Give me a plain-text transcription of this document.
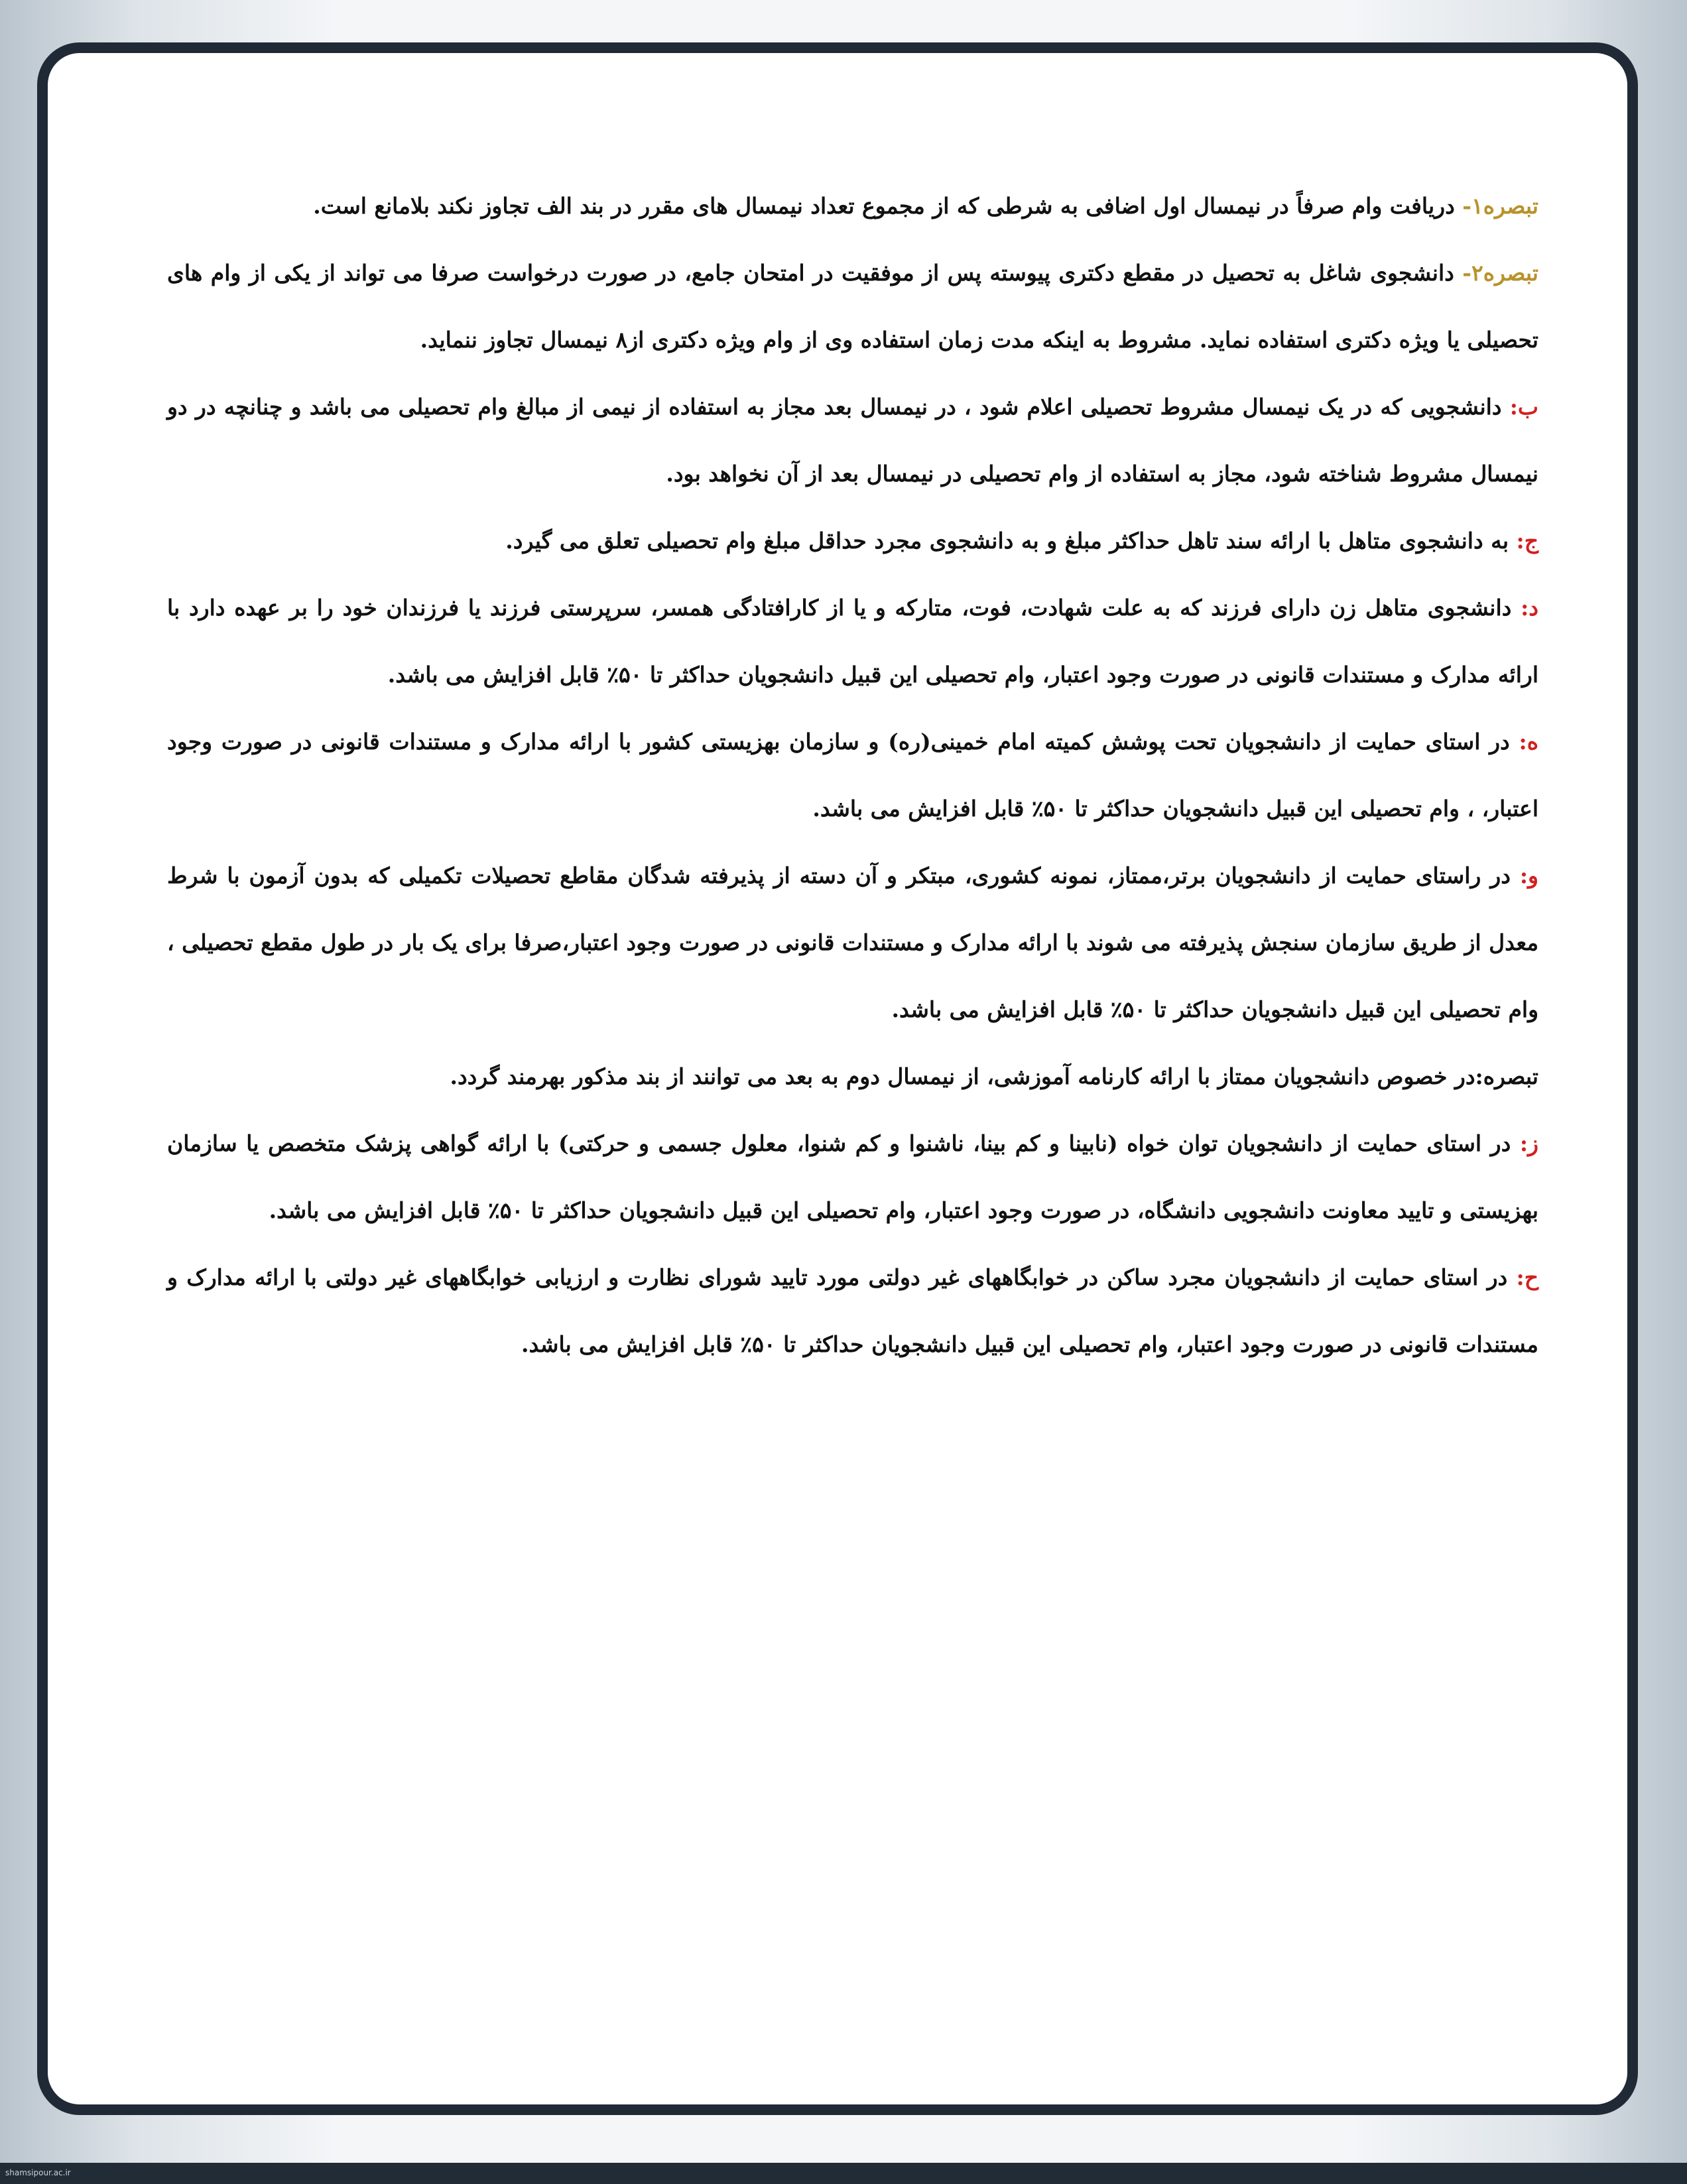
تبصره۱- دریافت وام صرفاً در نیمسال اول اضافی به شرطی که از مجموع تعداد نیمسال های مقرر در بند الف تجاوز نکند بلامانع است.

تبصره۲- دانشجوی شاغل به تحصیل در مقطع دکتری پیوسته پس از موفقیت در امتحان جامع، در صورت درخواست صرفا می تواند از یکی از وام های تحصیلی یا ویژه دکتری استفاده نماید. مشروط به اینکه مدت زمان استفاده وی از وام ویژه دکتری از۸ نیمسال تجاوز ننماید.

ب: دانشجویی که در یک نیمسال مشروط تحصیلی اعلام شود ، در نیمسال بعد مجاز به استفاده از نیمی از مبالغ وام تحصیلی می باشد و چنانچه در دو نیمسال مشروط شناخته شود، مجاز به استفاده از وام تحصیلی در نیمسال بعد از آن نخواهد بود.

ج: به دانشجوی متاهل با ارائه سند تاهل حداکثر مبلغ و به دانشجوی مجرد حداقل مبلغ وام تحصیلی تعلق می گیرد.

د: دانشجوی متاهل زن دارای فرزند که به علت شهادت، فوت، متارکه و یا از کارافتادگی همسر، سرپرستی فرزند یا فرزندان خود را بر عهده دارد با ارائه مدارک و مستندات قانونی در صورت وجود اعتبار، وام تحصیلی این قبیل دانشجویان حداکثر تا ۵۰٪ قابل افزایش می باشد.

ه: در استای حمایت از دانشجویان تحت پوشش کمیته امام خمینی(ره) و سازمان بهزیستی کشور با ارائه مدارک و مستندات قانونی در صورت وجود اعتبار، ، وام تحصیلی این قبیل دانشجویان حداکثر تا ۵۰٪ قابل افزایش می باشد.

و: در راستای حمایت از دانشجویان برتر،ممتاز، نمونه کشوری، مبتکر و آن دسته از پذیرفته شدگان مقاطع تحصیلات تکمیلی که بدون آزمون با شرط معدل از طریق سازمان سنجش پذیرفته می شوند با ارائه مدارک و مستندات قانونی در صورت وجود اعتبار،صرفا برای یک بار در طول مقطع تحصیلی ، وام تحصیلی این قبیل دانشجویان حداکثر تا ۵۰٪ قابل افزایش می باشد.

تبصره:در خصوص دانشجویان ممتاز با ارائه کارنامه آموزشی، از نیمسال دوم به بعد می توانند از بند مذکور بهرمند گردد.

ز: در استای حمایت از دانشجویان توان خواه (نابینا و کم بینا، ناشنوا و کم شنوا، معلول جسمی و حرکتی) با ارائه گواهی پزشک متخصص یا سازمان بهزیستی و تایید معاونت دانشجویی دانشگاه، در صورت وجود اعتبار، وام تحصیلی این قبیل دانشجویان حداکثر تا ۵۰٪ قابل افزایش می باشد.

ح: در استای حمایت از دانشجویان مجرد ساکن در خوابگاههای غیر دولتی مورد تایید شورای نظارت و ارزیابی خوابگاههای غیر دولتی با ارائه مدارک و مستندات قانونی در صورت وجود اعتبار، وام تحصیلی این قبیل دانشجویان حداکثر تا ۵۰٪ قابل افزایش می باشد.

shamsipour.ac.ir
